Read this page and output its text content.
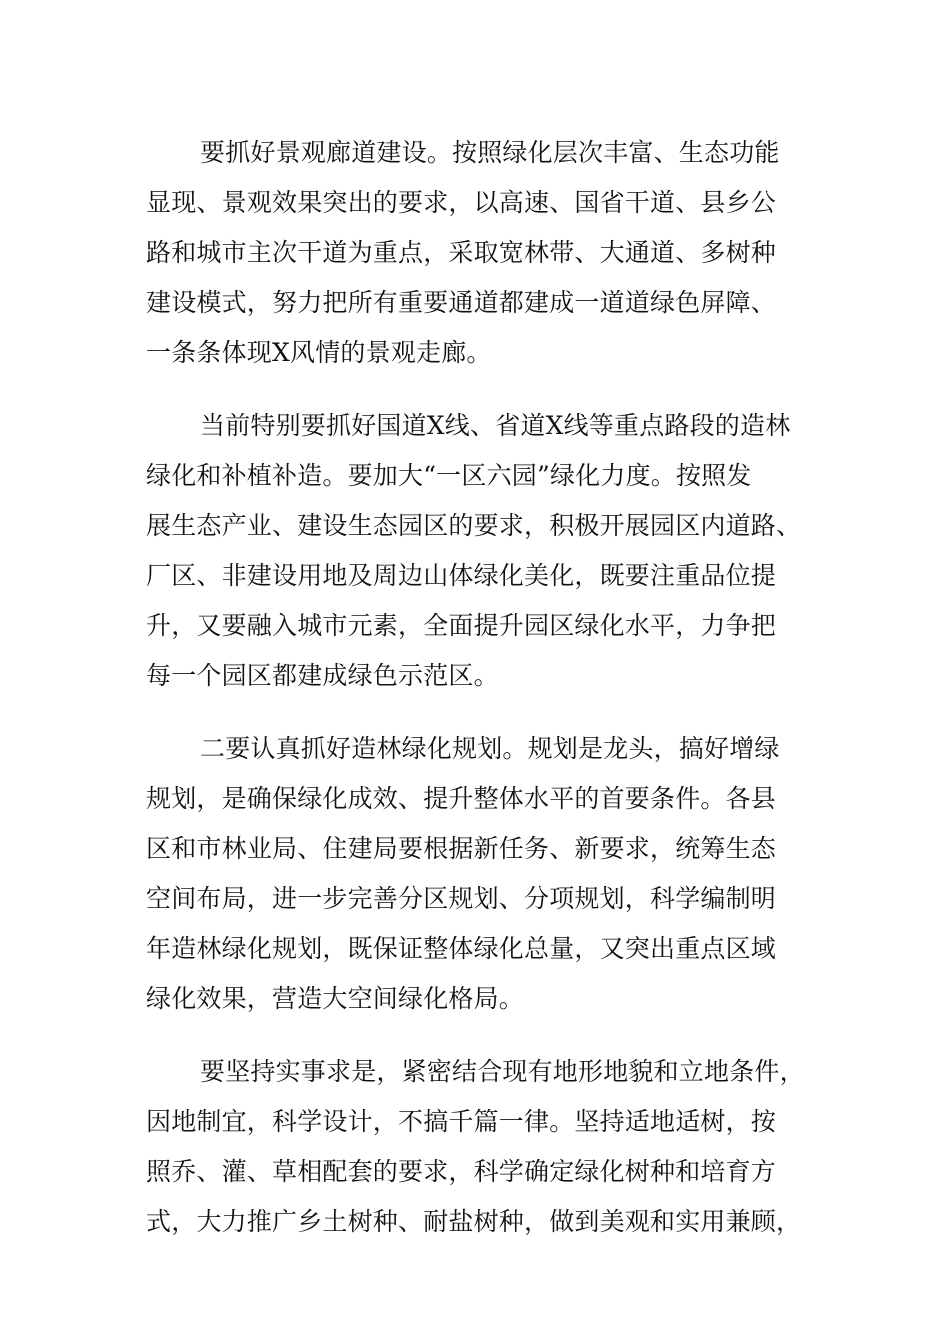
要抓好景观廊道建设。按照绿化层次丰富、生态功能
显现、景观效果突出的要求，以高速、国省干道、县乡公
路和城市主次干道为重点，采取宽林带、大通道、多树种
建设模式，努力把所有重要通道都建成一道道绿色屏障、
一条条体现X风情的景观走廊。
当前特别要抓好国道X线、省道X线等重点路段的造林
绿化和补植补造。要加大“一区六园”绿化力度。按照发
展生态产业、建设生态园区的要求，积极开展园区内道路、
厂区、非建设用地及周边山体绿化美化，既要注重品位提
升，又要融入城市元素，全面提升园区绿化水平，力争把
每一个园区都建成绿色示范区。
二要认真抓好造林绿化规划。规划是龙头，搞好增绿
规划，是确保绿化成效、提升整体水平的首要条件。各县
区和市林业局、住建局要根据新任务、新要求，统筹生态
空间布局，进一步完善分区规划、分项规划，科学编制明
年造林绿化规划，既保证整体绿化总量，又突出重点区域
绿化效果，营造大空间绿化格局。
要坚持实事求是，紧密结合现有地形地貌和立地条件，
因地制宜，科学设计，不搞千篇一律。坚持适地适树，按
照乔、灌、草相配套的要求，科学确定绿化树种和培育方
式，大力推广乡土树种、耐盐树种，做到美观和实用兼顾，
